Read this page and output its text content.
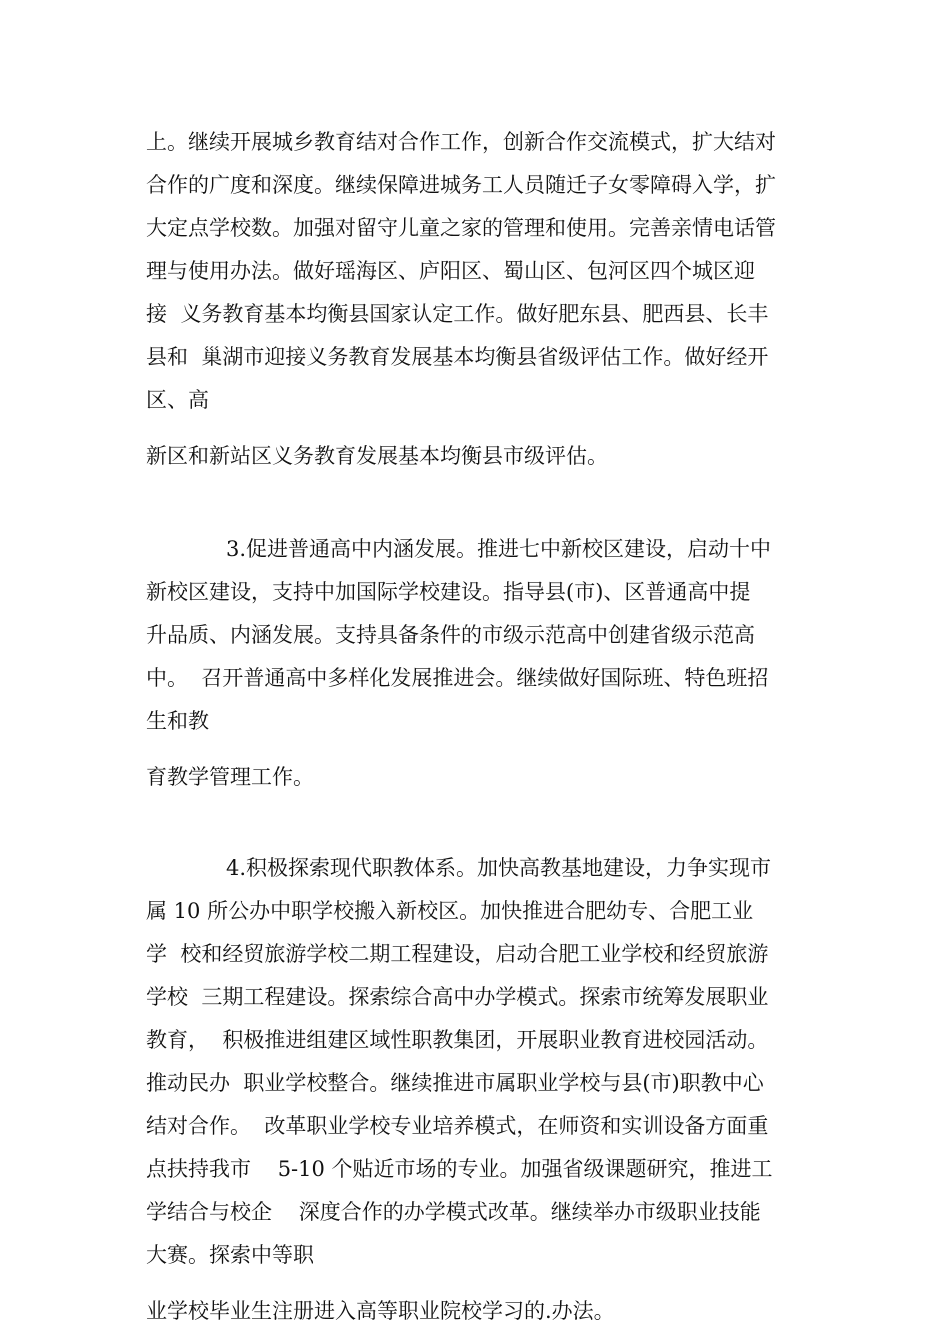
上。继续开展城乡教育结对合作工作，创新合作交流模式，扩大结对

合作的广度和深度。继续保障进城务工人员随迁子女零障碍入学，扩

大定点学校数。加强对留守儿童之家的管理和使用。完善亲情电话管

理与使用办法。做好瑶海区、庐阳区、蜀山区、包河区四个城区迎

接  义务教育基本均衡县国家认定工作。做好肥东县、肥西县、长丰

县和  巢湖市迎接义务教育发展基本均衡县省级评估工作。做好经开

区、高

新区和新站区义务教育发展基本均衡县市级评估。

3.促进普通高中内涵发展。推进七中新校区建设，启动十中

新校区建设，支持中加国际学校建设。指导县(市)、区普通高中提

升品质、内涵发展。支持具备条件的市级示范高中创建省级示范高

中。  召开普通高中多样化发展推进会。继续做好国际班、特色班招

生和教

育教学管理工作。

4.积极探索现代职教体系。加快高教基地建设，力争实现市

属 10 所公办中职学校搬入新校区。加快推进合肥幼专、合肥工业

学  校和经贸旅游学校二期工程建设，启动合肥工业学校和经贸旅游

学校  三期工程建设。探索综合高中办学模式。探索市统筹发展职业

教育，  积极推进组建区域性职教集团，开展职业教育进校园活动。

推动民办  职业学校整合。继续推进市属职业学校与县(市)职教中心

结对合作。  改革职业学校专业培养模式，在师资和实训设备方面重

点扶持我市    5-10 个贴近市场的专业。加强省级课题研究，推进工

学结合与校企    深度合作的办学模式改革。继续举办市级职业技能

大赛。探索中等职

业学校毕业生注册进入高等职业院校学习的.办法。
